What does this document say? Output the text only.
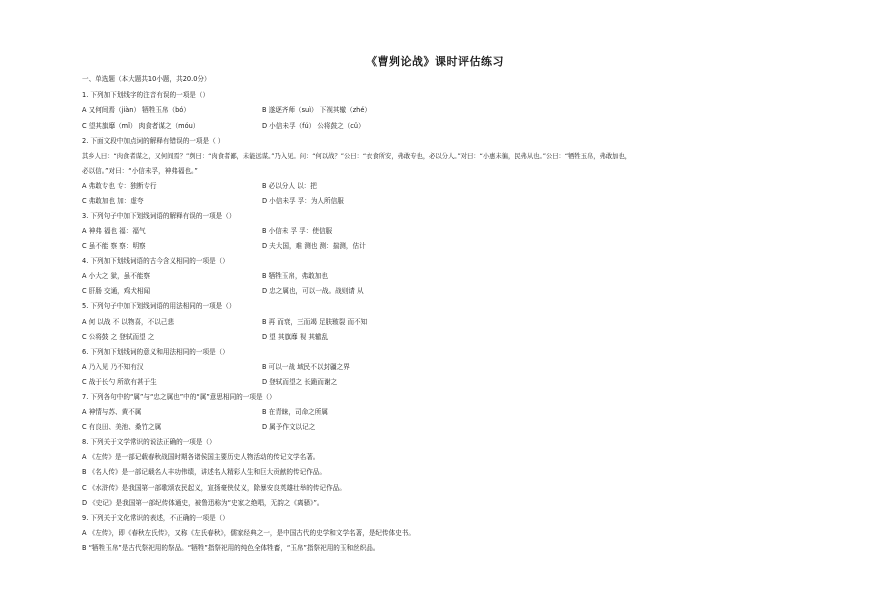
《曹刿论战》课时评估练习
一、单选题（本大题共10小题，共20.0分）
1. 下列加下划线字的注音有误的一项是（）
A 又何间焉（jiàn） 牺牲玉帛（bó）	B 遂逐齐师（suì） 下视其辙（zhé）
C 望其旗靡（mǐ） 肉食者谋之（móu）	D 小信未孚（fú） 公将鼓之（cǔ）
2. 下面文段中加点词的解释有错误的一项是（ ）
其乡人曰：“肉食者谋之，又何间焉？”刿曰：“肉食者鄙，未能远谋。”乃入见。问：“何以战？”公曰：“衣食所安，弗敢专也，必以分人。”对曰：“小惠未徧，民弗从也。”公曰：“牺牲玉帛，弗敢加也，
必以信。”对曰：“小信未孚，神弗福也。”
A 弗敢专也 专：独断专行	B 必以分人 以：把
C 弗敢加也 加：虚夸	D 小信未孚 孚：为人所信服
3. 下列句子中加下划线词语的解释有误的一项是（）
A 神弗 福也 福：福气	B 小信未 孚 孚：使信服
C 虽不能 察 察：明察	D 夫大国，难 测也 测：揣测，估计
4. 下列加下划线词语的古今含义相同的一项是（）
A 小大之 狱，虽不能察	B 牺牲玉帛，弗敢加也
C 肝肠 交通，鸡犬相闻	D 忠之属也，可以一战。战则请 从
5. 下列句子中加下划线词语的用法相同的一项是（）
A 何 以战 不 以物喜，不以己悲	B 再 而衰，三而竭 足肤皲裂 而不知
C 公将鼓 之 登轼而望 之	D 望 其旗靡 视 其辙乱
6. 下列加下划线词的意义和用法相同的一项是（）
A 乃入见 乃不知有汉	B 可以一战 域民不以封疆之界
C 战于长勺 所欲有甚于生	D 登轼而望之 长跪而谢之
7. 下列各句中的“属”与“忠之属也”中的“属”意思相同的一项是（）
A 神情与苏、黄不属	B 在青睐，司命之所属
C 有良田、美池、桑竹之属	D 属予作文以记之
8. 下列关于文学常识的说法正确的一项是（）
A 《左传》是一部记载春秋战国时期各诸侯国主要历史人物活动的传记文学名著。
B 《名人传》是一部记载名人丰功伟绩，讲述名人精彩人生和巨大贡献的传记作品。
C 《水浒传》是我国第一部歌颂农民起义，宣扬豪侠仗义，除暴安良英雄壮举的传记作品。
D 《史记》是我国第一部纪传体通史，被鲁迅称为“史家之绝唱，无韵之《离骚》”。
9. 下列关于文化常识的表述，不正确的一项是（）
A 《左传》，即《春秋左氏传》，又称《左氏春秋》，儒家经典之一，是中国古代的史学和文学名著，是纪传体史书。
B “牺牲玉帛”是古代祭祀用的祭品。“牺牲”指祭祀用的纯色全体牲畜，“玉帛”指祭祀用的玉和丝织品。
